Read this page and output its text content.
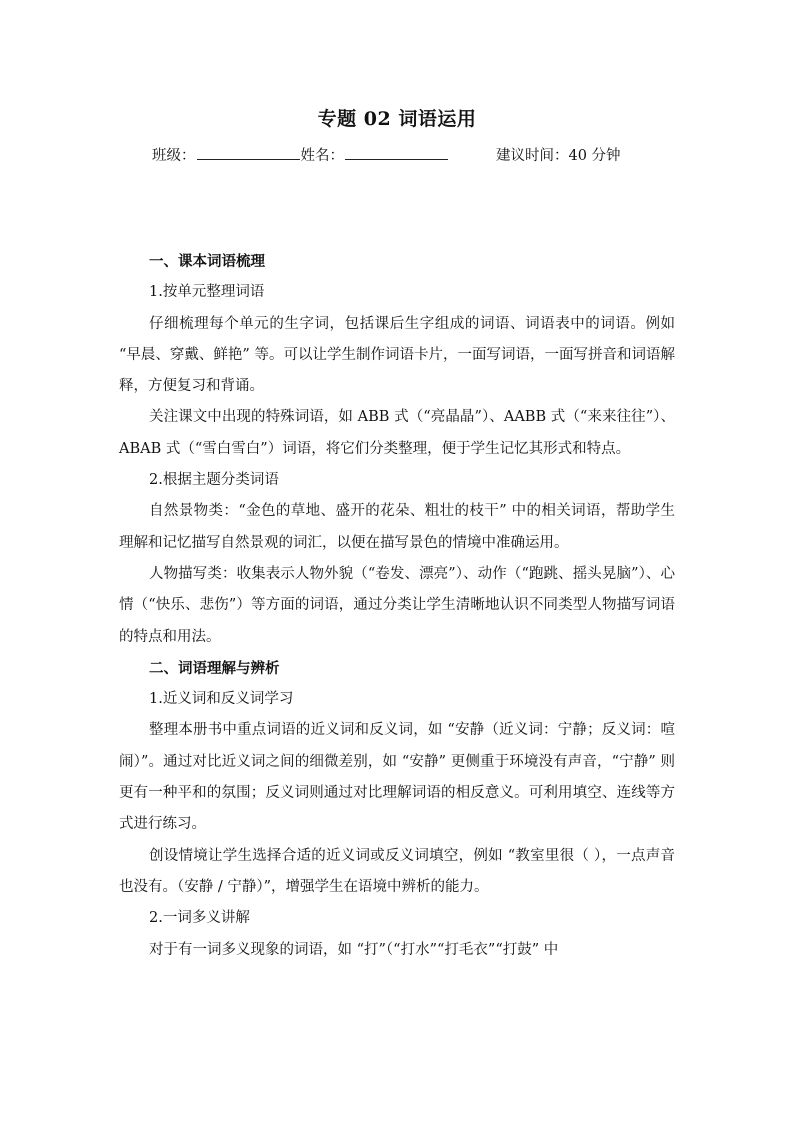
专题 02 词语运用
班级：	姓名：	建议时间：40 分钟

一、课本词语梳理

1.按单元整理词语

仔细梳理每个单元的生字词，包括课后生字组成的词语、词语表中的词语。例如 “早晨、穿戴、鲜艳” 等。可以让学生制作词语卡片，一面写词语，一面写拼音和词语解释，方便复习和背诵。

关注课文中出现的特殊词语，如 ABB 式（“亮晶晶”）、AABB 式（“来来往往”）、ABAB 式（“雪白雪白”）词语，将它们分类整理，便于学生记忆其形式和特点。

2.根据主题分类词语

自然景物类：“金色的草地、盛开的花朵、粗壮的枝干” 中的相关词语，帮助学生理解和记忆描写自然景观的词汇，以便在描写景色的情境中准确运用。

人物描写类：收集表示人物外貌（“卷发、漂亮”）、动作（“跑跳、摇头晃脑”）、心情（“快乐、悲伤”）等方面的词语，通过分类让学生清晰地认识不同类型人物描写词语的特点和用法。

二、词语理解与辨析

1.近义词和反义词学习

整理本册书中重点词语的近义词和反义词，如 “安静（近义词：宁静；反义词：喧闹）”。通过对比近义词之间的细微差别，如 “安静” 更侧重于环境没有声音，“宁静” 则更有一种平和的氛围；反义词则通过对比理解词语的相反意义。可利用填空、连线等方式进行练习。

创设情境让学生选择合适的近义词或反义词填空，例如 “教室里很（ ），一点声音也没有。（安静 / 宁静）”，增强学生在语境中辨析的能力。

2.一词多义讲解

对于有一词多义现象的词语，如 “打”（“打水”“打毛衣”“打鼓” 中
